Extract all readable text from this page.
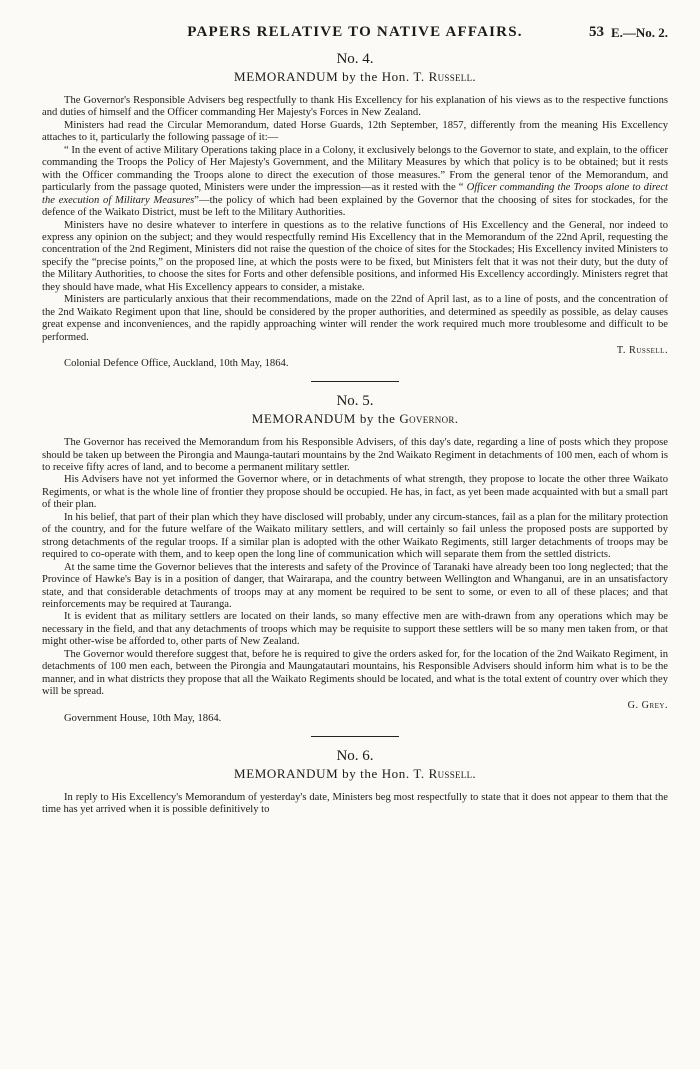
PAPERS RELATIVE TO NATIVE AFFAIRS.	53 E.—No. 2.
No. 4.
MEMORANDUM by the Hon. T. Russell.

The Governor's Responsible Advisers beg respectfully to thank His Excellency for his explanation of his views as to the respective functions and duties of himself and the Officer commanding Her Majesty's Forces in New Zealand.

Ministers had read the Circular Memorandum, dated Horse Guards, 12th September, 1857, differently from the meaning His Excellency attaches to it, particularly the following passage of it:—

“ In the event of active Military Operations taking place in a Colony, it exclusively belongs to the Governor to state, and explain, to the officer commanding the Troops the Policy of Her Majesty's Government, and the Military Measures by which that policy is to be obtained; but it rests with the Officer commanding the Troops alone to direct the execution of those measures.” From the general tenor of the Memorandum, and particularly from the passage quoted, Ministers were under the impression—as it rested with the “ Officer commanding the Troops alone to direct the execution of Military Measures”—the policy of which had been explained by the Governor that the choosing of sites for stockades, for the defence of the Waikato District, must be left to the Military Authorities.

Ministers have no desire whatever to interfere in questions as to the relative functions of His Excellency and the General, nor indeed to express any opinion on the subject; and they would respectfully remind His Excellency that in the Memorandum of the 22nd April, requesting the concentration of the 2nd Regiment, Ministers did not raise the question of the choice of sites for the Stockades; His Excellency invited Ministers to specify the “precise points,” on the proposed line, at which the posts were to be fixed, but Ministers felt that it was not their duty, but the duty of the Military Authorities, to choose the sites for Forts and other defensible positions, and informed His Excellency accordingly. Ministers regret that they should have made, what His Excellency appears to consider, a mistake.

Ministers are particularly anxious that their recommendations, made on the 22nd of April last, as to a line of posts, and the concentration of the 2nd Waikato Regiment upon that line, should be considered by the proper authorities, and determined as speedily as possible, as delay causes great expense and inconveniences, and the rapidly approaching winter will render the work required much more troublesome and difficult to be performed.

T. Russell.
Colonial Defence Office, Auckland, 10th May, 1864.
No. 5.
MEMORANDUM by the Governor.

The Governor has received the Memorandum from his Responsible Advisers, of this day's date, regarding a line of posts which they propose should be taken up between the Pirongia and Maunga-tautari mountains by the 2nd Waikato Regiment in detachments of 100 men, each of whom is to receive fifty acres of land, and to become a permanent military settler.

His Advisers have not yet informed the Governor where, or in detachments of what strength, they propose to locate the other three Waikato Regiments, or what is the whole line of frontier they propose should be occupied. He has, in fact, as yet been made acquainted with but a small part of their plan.

In his belief, that part of their plan which they have disclosed will probably, under any circum-stances, fail as a plan for the military protection of the country, and for the future welfare of the Waikato military settlers, and will certainly so fail unless the proposed posts are supported by strong detachments of the regular troops. If a similar plan is adopted with the other Waikato Regiments, still larger detachments of troops may be required to co-operate with them, and to keep open the long line of communication which will separate them from the settled districts.

At the same time the Governor believes that the interests and safety of the Province of Taranaki have already been too long neglected; that the Province of Hawke's Bay is in a position of danger, that Wairarapa, and the country between Wellington and Whanganui, are in an unsatisfactory state, and that considerable detachments of troops may at any moment be required to be sent to some, or even to all of these places; and that reinforcements may be required at Tauranga.

It is evident that as military settlers are located on their lands, so many effective men are with-drawn from any operations which may be necessary in the field, and that any detachments of troops which may be requisite to support these settlers will be so many men taken from, or that might other-wise be afforded to, other parts of New Zealand.

The Governor would therefore suggest that, before he is required to give the orders asked for, for the location of the 2nd Waikato Regiment, in detachments of 100 men each, between the Pirongia and Maungatautari mountains, his Responsible Advisers should inform him what is to be the manner, and in what districts they propose that all the Waikato Regiments should be located, and what is the total extent of country over which they will be spread.

G. Grey.
Government House, 10th May, 1864.
No. 6.
MEMORANDUM by the Hon. T. Russell.

In reply to His Excellency's Memorandum of yesterday's date, Ministers beg most respectfully to state that it does not appear to them that the time has yet arrived when it is possible definitively to
